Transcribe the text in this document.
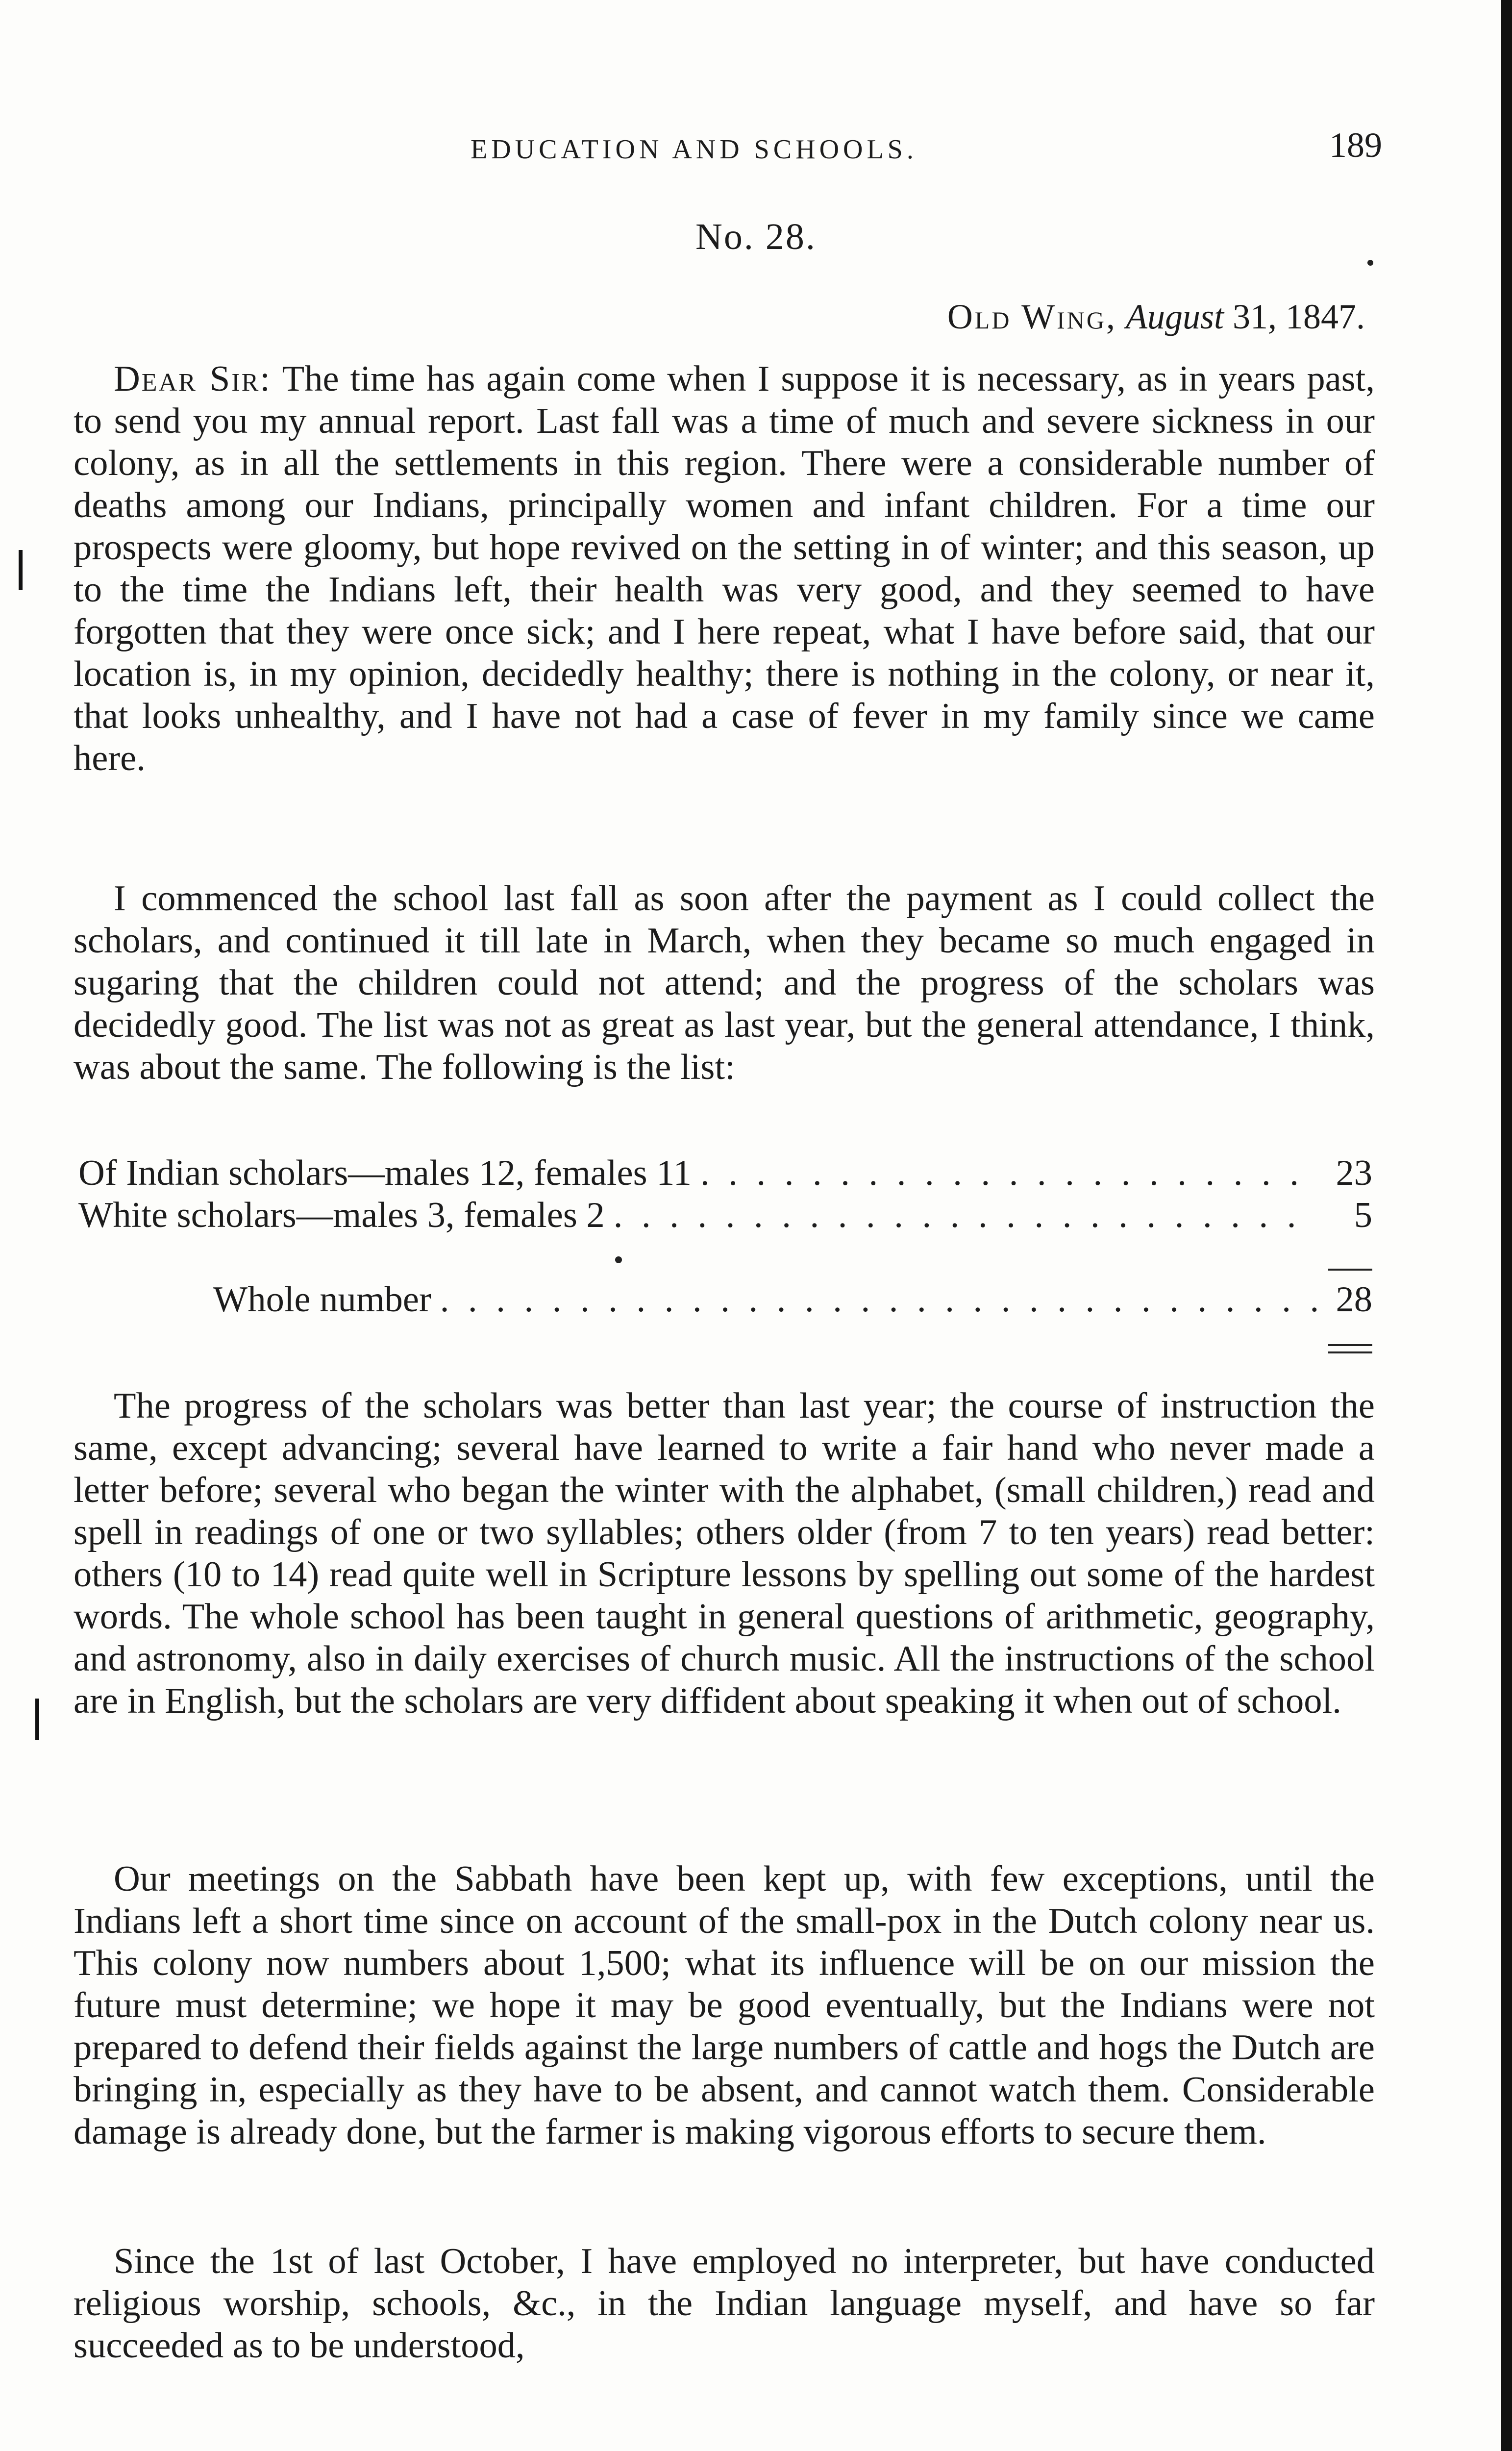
EDUCATION AND SCHOOLS.	189
No. 28.
Old Wing, August 31, 1847.

Dear Sir: The time has again come when I suppose it is necessary, as in years past, to send you my annual report. Last fall was a time of much and severe sickness in our colony, as in all the settlements in this region. There were a considerable number of deaths among our Indians, principally women and infant children. For a time our prospects were gloomy, but hope revived on the setting in of winter; and this season, up to the time the Indians left, their health was very good, and they seemed to have forgotten that they were once sick; and I here repeat, what I have before said, that our location is, in my opinion, decidedly healthy; there is nothing in the colony, or near it, that looks unhealthy, and I have not had a case of fever in my family since we came here.

I commenced the school last fall as soon after the payment as I could collect the scholars, and continued it till late in March, when they became so much engaged in sugaring that the children could not attend; and the progress of the scholars was decidedly good. The list was not as great as last year, but the general attendance, I think, was about the same. The following is the list:

Of Indian scholars—males 12, females 11 . . .	23
White scholars—males 3, females 2 . . .	5
Whole number . . .	28

The progress of the scholars was better than last year; the course of instruction the same, except advancing; several have learned to write a fair hand who never made a letter before; several who began the winter with the alphabet, (small children,) read and spell in readings of one or two syllables; others older (from 7 to ten years) read better: others (10 to 14) read quite well in Scripture lessons by spelling out some of the hardest words. The whole school has been taught in general questions of arithmetic, geography, and astronomy, also in daily exercises of church music. All the instructions of the school are in English, but the scholars are very diffident about speaking it when out of school.

Our meetings on the Sabbath have been kept up, with few exceptions, until the Indians left a short time since on account of the small-pox in the Dutch colony near us. This colony now numbers about 1,500; what its influence will be on our mission the future must determine; we hope it may be good eventually, but the Indians were not prepared to defend their fields against the large numbers of cattle and hogs the Dutch are bringing in, especially as they have to be absent, and cannot watch them. Considerable damage is already done, but the farmer is making vigorous efforts to secure them.

Since the 1st of last October, I have employed no interpreter, but have conducted religious worship, schools, &c., in the Indian language myself, and have so far succeeded as to be understood,
